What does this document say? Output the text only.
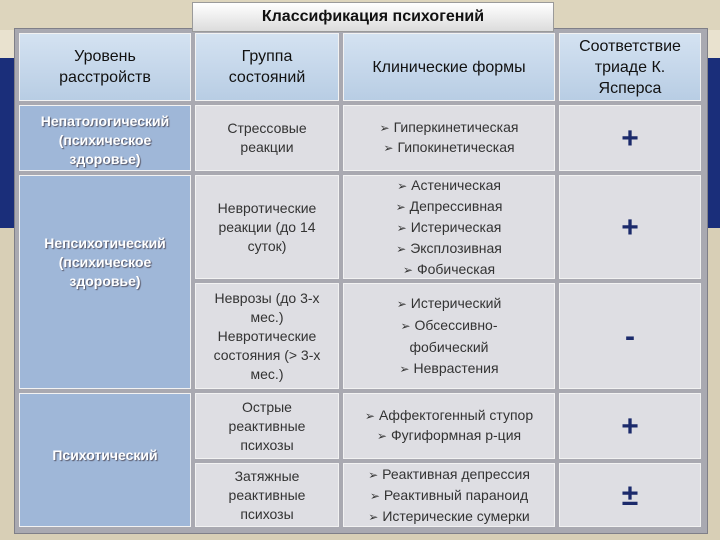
Уровень расстройств
Группа состояний
Клинические формы
Соответствие триаде К. Ясперса
Непатологический (психическое здоровье)
Непсихотический (психическое здоровье)
Психотический
Стрессовые реакции
➢ Гиперкинетическая
➢ Гипокинетическая	+
Невротические реакции (до 14 суток)
➢ Астеническая
➢ Депрессивная
➢ Истерическая
➢ Эксплозивная
➢ Фобическая
+
Неврозы (до 3-х мес.) Невротические состояния (> 3-х мес.)
➢ Истерический
➢ Обсессивно-фобический
➢ Неврастения
-
Острые реактивные психозы
➢ Аффектогенный ступор
➢ Фугиформная р-ция	+
Затяжные реактивные психозы
➢ Реактивная депрессия
➢ Реактивный параноид
➢ Истерические сумерки
±
Классификация психогений
